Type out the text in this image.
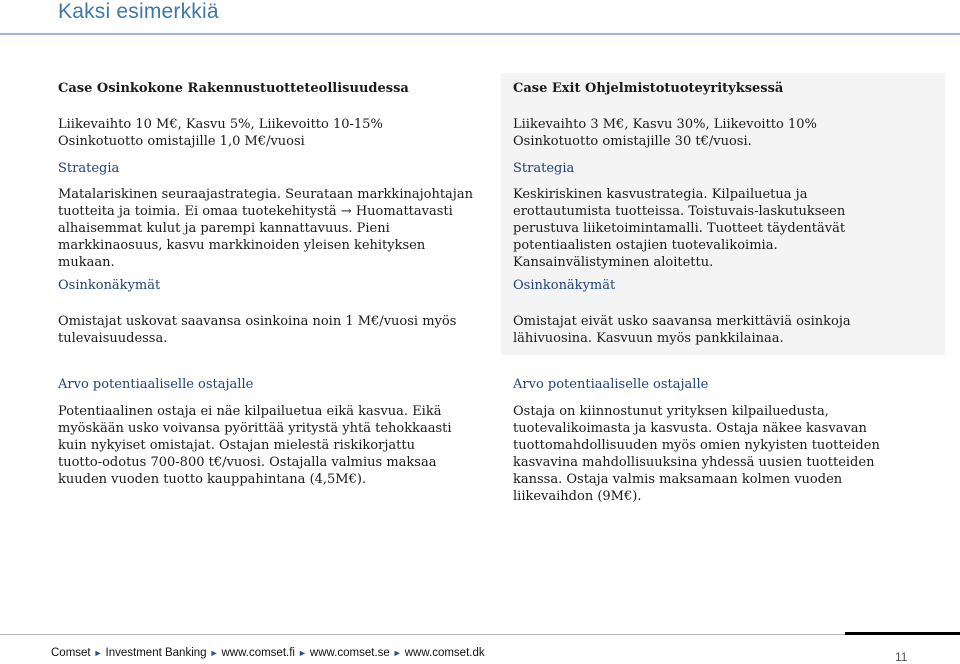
Kaksi esimerkkiä
Case Osinkokone Rakennustuotteteollisuudessa

Liikevaihto 10 M€, Kasvu 5%, Liikevoitto 10-15%

Osinkotuotto omistajille 1,0 M€/vuosi

Strategia
Matalariskinen seuraajastrategia. Seurataan markkinajohtajan tuotteita ja toimia. Ei omaa tuotekehitystä → Huomattavasti alhaisemmat kulut ja parempi kannattavuus. Pieni markkinaosuus, kasvu markkinoiden yleisen kehityksen mukaan.
Osinkonäkymät
Omistajat uskovat saavansa osinkoina noin 1 M€/vuosi myös tulevaisuudessa.
Arvo potentiaaliselle ostajalle
Potentiaalinen ostaja ei näe kilpailuetua eikä kasvua. Eikä myöskään usko voivansa pyörittää yritystä yhtä tehokkaasti kuin nykyiset omistajat. Ostajan mielestä riskikorjattu tuotto-odotus 700-800 t€/vuosi. Ostajalla valmius maksaa kuuden vuoden tuotto kauppahintana (4,5M€).
Case Exit Ohjelmistotuoteyrityksessä

Liikevaihto 3 M€, Kasvu 30%, Liikevoitto 10%

Osinkotuotto omistajille 30 t€/vuosi.

Strategia
Keskiriskinen kasvustrategia. Kilpailuetua ja erottautumista tuotteissa. Toistuvais-laskutukseen perustuva liiketoimintamalli. Tuotteet täydentävät potentiaalisten ostajien tuotevalikoimia. Kansainvälistyminen aloitettu.
Osinkonäkymät
Omistajat eivät usko saavansa merkittäviä osinkoja lähivuosina. Kasvuun myös pankkilainaa.
Arvo potentiaaliselle ostajalle
Ostaja on kiinnostunut yrityksen kilpailuedusta, tuotevalikoimasta ja kasvusta. Ostaja näkee kasvavan tuottomahdollisuuden myös omien nykyisten tuotteiden kasvavina mahdollisuuksina yhdessä uusien tuotteiden kanssa. Ostaja valmis maksamaan kolmen vuoden liikevaihdon (9M€).
Comset ► Investment Banking ► www.comset.fi ► www.comset.se ► www.comset.dk	11
